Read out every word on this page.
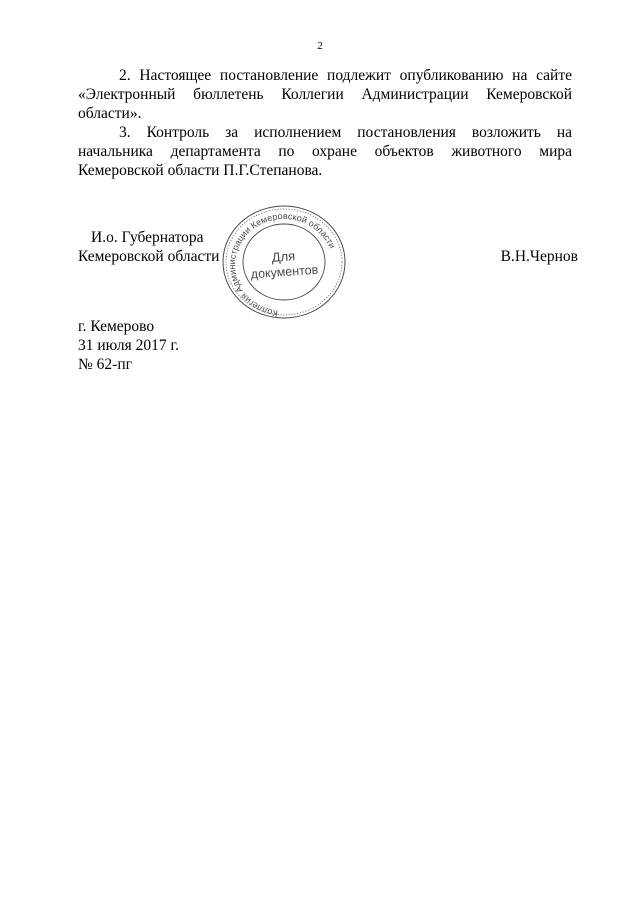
2

2. Настоящее постановление подлежит опубликованию на сайте «Электронный бюллетень Коллегии Администрации Кемеровской области».

3. Контроль за исполнением постановления возложить на начальника департамента по охране объектов животного мира Кемеровской области П.Г.Степанова.

И.о. Губернатора
Кемеровской области
Коллегия Администрации Кемеровской области
Для
документов
В.Н.Чернов
г. Кемерово
31 июля 2017 г.
№ 62-пг
